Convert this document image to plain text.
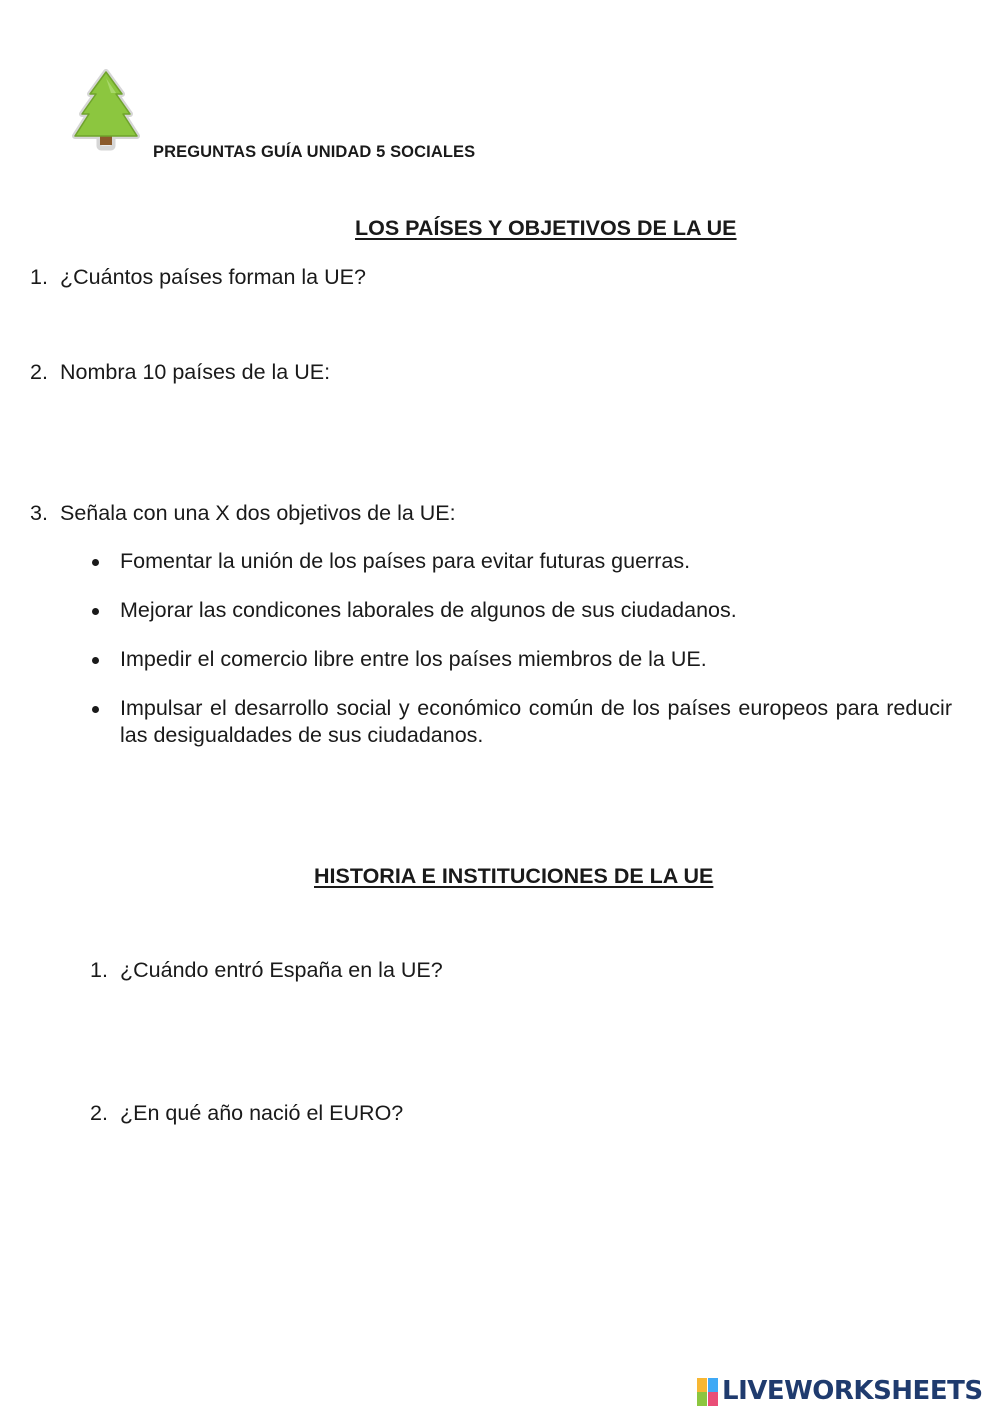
PREGUNTAS GUÍA UNIDAD 5 SOCIALES
LOS PAÍSES Y OBJETIVOS DE LA UE
1. ¿Cuántos países forman la UE?
2. Nombra 10 países de la UE:
3. Señala con una X dos objetivos de la UE:
Fomentar la unión de los países para evitar futuras guerras.
Mejorar las condicones laborales de algunos de sus ciudadanos.
Impedir el comercio libre entre los países miembros de la UE.
Impulsar el desarrollo social y económico común de los países europeos para reducir las desigualdades de sus ciudadanos.
HISTORIA E INSTITUCIONES DE LA UE
1. ¿Cuándo entró España en la UE?
2. ¿En qué año nació el EURO?
LIVEWORKSHEETS
